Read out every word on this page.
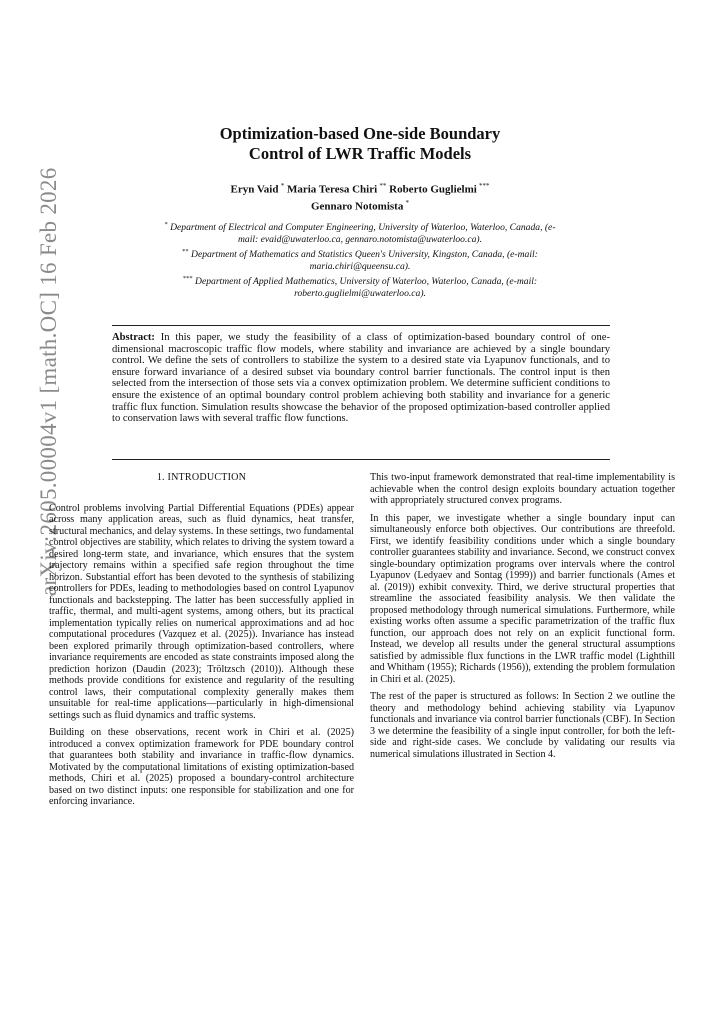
arXiv:2605.00004v1 [math.OC] 16 Feb 2026
Optimization-based One-side Boundary
Control of LWR Traffic Models
Eryn Vaid  * Maria Teresa Chiri  ** Roberto Guglielmi  ***
Gennaro Notomista  *
* Department of Electrical and Computer Engineering, University of Waterloo, Waterloo, Canada, (e-mail: evaid@uwaterloo.ca, gennaro.notomista@uwaterloo.ca).
** Department of Mathematics and Statistics Queen's University, Kingston, Canada, (e-mail: maria.chiri@queensu.ca).
*** Department of Applied Mathematics, University of Waterloo, Waterloo, Canada, (e-mail: roberto.guglielmi@uwaterloo.ca).
Abstract: In this paper, we study the feasibility of a class of optimization-based boundary control of one-dimensional macroscopic traffic flow models, where stability and invariance are achieved by a single boundary control. We define the sets of controllers to stabilize the system to a desired state via Lyapunov functionals, and to ensure forward invariance of a desired subset via boundary control barrier functionals. The control input is then selected from the intersection of those sets via a convex optimization problem. We determine sufficient conditions to ensure the existence of an optimal boundary control problem achieving both stability and invariance for a generic traffic flux function. Simulation results showcase the behavior of the proposed optimization-based controller applied to conservation laws with several traffic flow functions.
1. INTRODUCTION

Control problems involving Partial Differential Equations (PDEs) appear across many application areas, such as fluid dynamics, heat transfer, structural mechanics, and delay systems. In these settings, two fundamental control objectives are stability, which relates to driving the system toward a desired long-term state, and invariance, which ensures that the system trajectory remains within a specified safe region throughout the time horizon. Substantial effort has been devoted to the synthesis of stabilizing controllers for PDEs, leading to methodologies based on control Lyapunov functionals and backstepping. The latter has been successfully applied in traffic, thermal, and multi-agent systems, among others, but its practical implementation typically relies on numerical approximations and ad hoc computational procedures (Vazquez et al. (2025)). Invariance has instead been explored primarily through optimization-based controllers, where invariance requirements are encoded as state constraints imposed along the prediction horizon (Daudin (2023); Tröltzsch (2010)). Although these methods provide conditions for existence and regularity of the resulting control laws, their computational complexity generally makes them unsuitable for real-time applications—particularly in high-dimensional settings such as fluid dynamics and traffic systems.

Building on these observations, recent work in Chiri et al. (2025) introduced a convex optimization framework for PDE boundary control that guarantees both stability and invariance in traffic-flow dynamics. Motivated by the computational limitations of existing optimization-based methods, Chiri et al. (2025) proposed a boundary-control architecture based on two distinct inputs: one responsible for stabilization and one for enforcing invariance.

This two-input framework demonstrated that real-time implementability is achievable when the control design exploits boundary actuation together with appropriately structured convex programs.

In this paper, we investigate whether a single boundary input can simultaneously enforce both objectives. Our contributions are threefold. First, we identify feasibility conditions under which a single boundary controller guarantees stability and invariance. Second, we construct convex single-boundary optimization programs over intervals where the control Lyapunov (Ledyaev and Sontag (1999)) and barrier functionals (Ames et al. (2019)) exhibit convexity. Third, we derive structural properties that streamline the associated feasibility analysis. We then validate the proposed methodology through numerical simulations. Furthermore, while existing works often assume a specific parametrization of the traffic flux function, our approach does not rely on an explicit functional form. Instead, we develop all results under the general structural assumptions satisfied by admissible flux functions in the LWR traffic model (Lighthill and Whitham (1955); Richards (1956)), extending the problem formulation in Chiri et al. (2025).

The rest of the paper is structured as follows: In Section 2 we outline the theory and methodology behind achieving stability via Lyapunov functionals and invariance via control barrier functionals (CBF). In Section 3 we determine the feasibility of a single input controller, for both the left-side and right-side cases. We conclude by validating our results via numerical simulations illustrated in Section 4.
